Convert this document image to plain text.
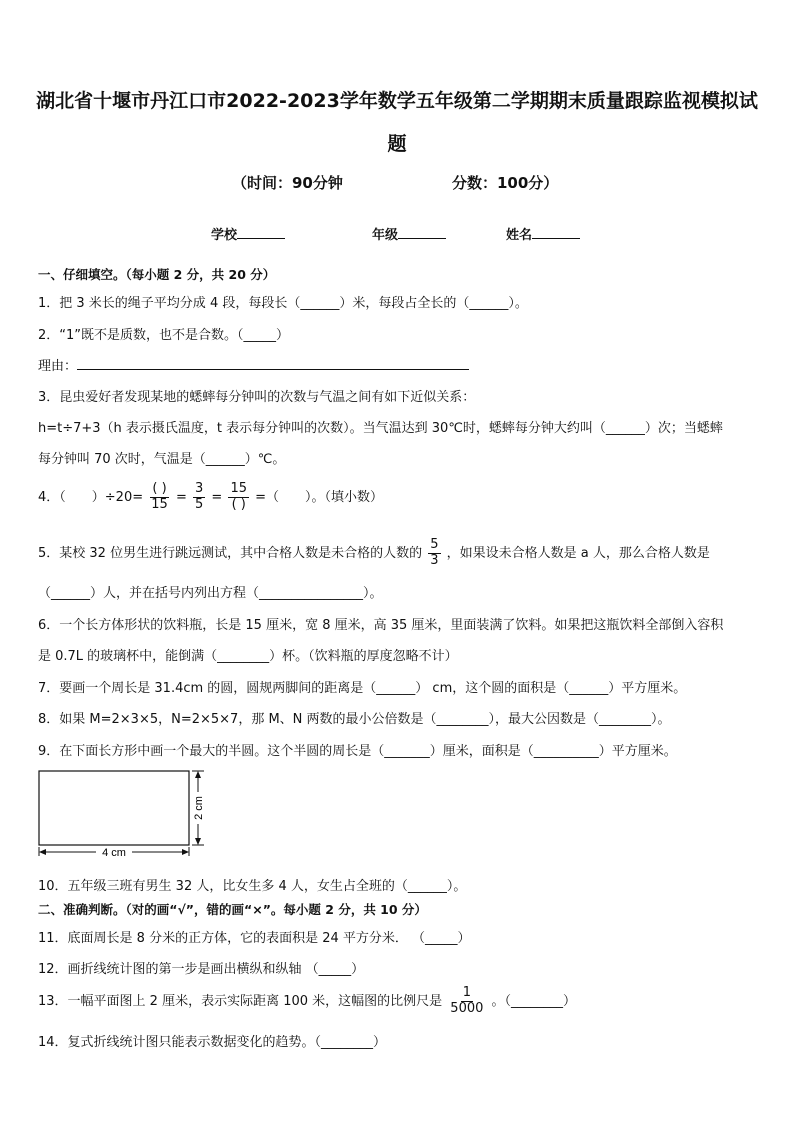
湖北省十堰市丹江口市2022-2023学年数学五年级第二学期期末质量跟踪监视模拟试
题
（时间：90分钟	分数：100分）
学校	年级	姓名
一、仔细填空。（每小题 2 分，共 20 分）
1．把 3 米长的绳子平均分成 4 段，每段长（______）米，每段占全长的（______）。
2．“1”既不是质数，也不是合数。（_____）
理由：
3．昆虫爱好者发现某地的蟋蟀每分钟叫的次数与气温之间有如下近似关系：
h=t÷7+3（h 表示摄氏温度，t 表示每分钟叫的次数）。当气温达到 30℃时，蟋蟀每分钟大约叫（______）次；当蟋蟀
每分钟叫 70 次时，气温是（______）℃。
4．（ ）$\div 20= \frac{( )}{15} = \frac{3}{5} = \frac{15}{( )}$ =（ ）。（填小数）
5．某校 32 位男生进行跳远测试，其中合格人数是未合格的人数的 $\frac{5}{3}$ ，如果设未合格人数是 a 人，那么合格人数是
（______）人，并在括号内列出方程（________________）。
6．一个长方体形状的饮料瓶，长是 15 厘米，宽 8 厘米，高 35 厘米，里面装满了饮料。如果把这瓶饮料全部倒入容积
是 0.7L 的玻璃杯中，能倒满（________）杯。（饮料瓶的厚度忽略不计）
7．要画一个周长是 31.4cm 的圆，圆规两脚间的距离是（______） cm，这个圆的面积是（______）平方厘米。
8．如果 M=2×3×5，N=2×5×7，那 M、N 两数的最小公倍数是（________），最大公因数是（________）。
9．在下面长方形中画一个最大的半圆。这个半圆的周长是（_______）厘米，面积是（__________）平方厘米。
4 cm
2 cm
10．五年级三班有男生 32 人，比女生多 4 人，女生占全班的（______）。
二、准确判断。（对的画“√”，错的画“×”。每小题 2 分，共 10 分）
11．底面周长是 8 分米的正方体，它的表面积是 24 平方分米． （_____）
12．画折线统计图的第一步是画出横纵和纵轴 （_____）
13．一幅平面图上 2 厘米，表示实际距离 100 米，这幅图的比例尺是 $\frac{1}{5000}$ 。（________）
14．复式折线统计图只能表示数据变化的趋势。（________）
